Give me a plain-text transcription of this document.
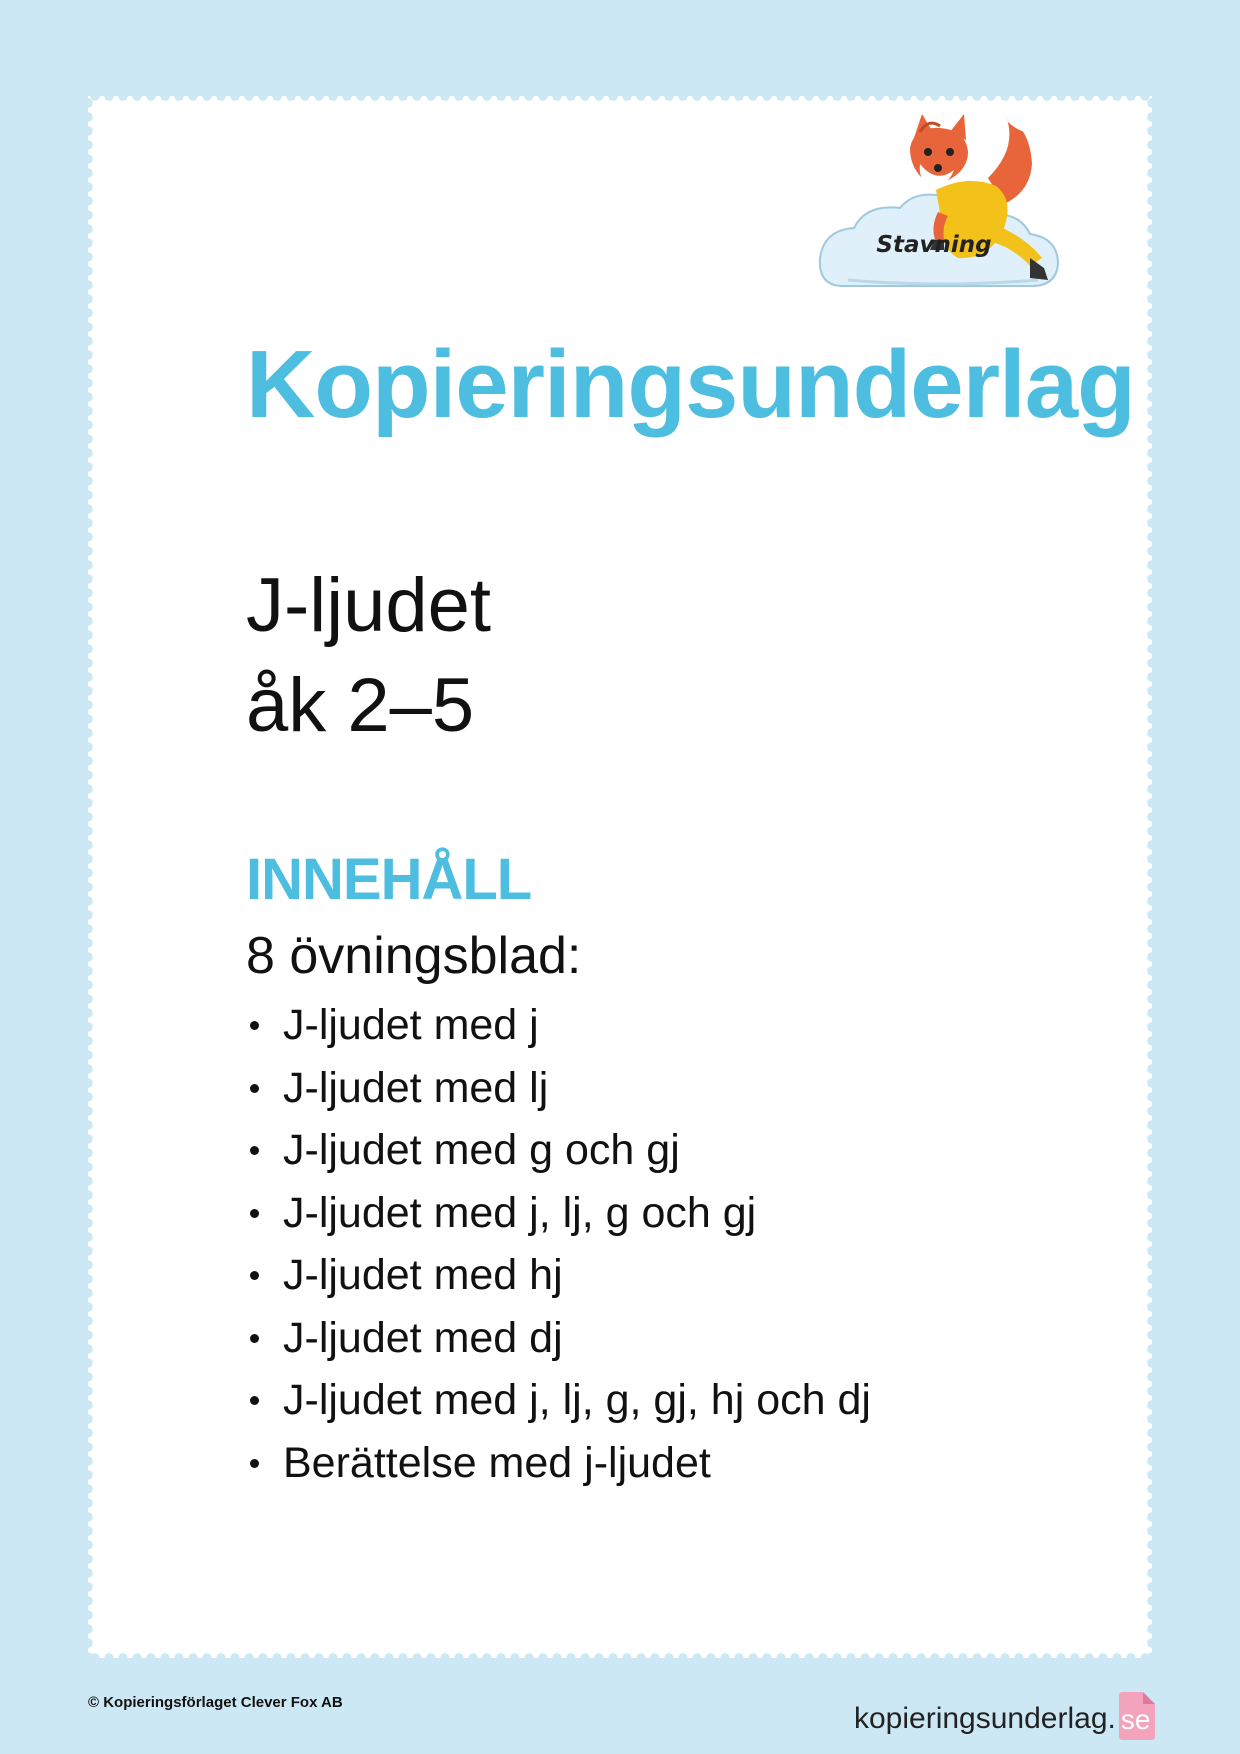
Stavning
Kopieringsunderlag
J-ljudet
åk 2–5
INNEHÅLL
8 övningsblad:
J-ljudet med j
J-ljudet med lj
J-ljudet med g och gj
J-ljudet med j, lj, g och gj
J-ljudet med hj
J-ljudet med dj
J-ljudet med j, lj, g, gj, hj och dj
Berättelse med j-ljudet
© Kopieringsförlaget Clever Fox AB	kopieringsunderlag. se
